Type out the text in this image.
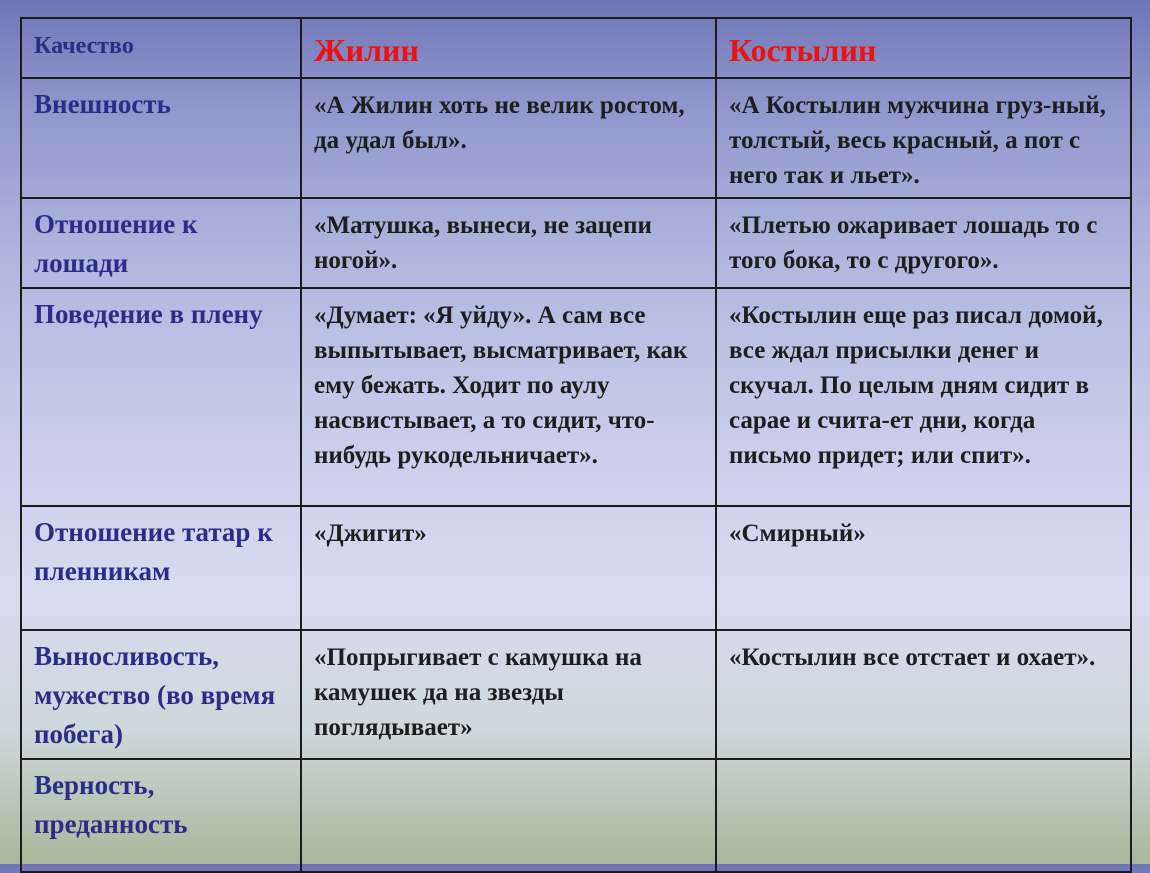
Качество	Жилин	Костылин
Внешность	«А Жилин хоть не велик ростом, да удал был».	«А Костылин мужчина груз-ный, толстый, весь красный, а пот с него так и льет».
Отношение к лошади	«Матушка, вынеси, не зацепи ногой».	«Плетью ожаривает лошадь то с того бока, то с другого».
Поведение в плену	«Думает: «Я уйду». А сам все выпытывает, высматривает, как ему бежать. Ходит по аулу насвистывает, а то сидит, что-нибудь рукодельничает».	«Костылин еще раз писал домой, все ждал присылки денег и скучал. По целым дням сидит в сарае и счита-ет дни, когда письмо придет; или спит».
Отношение татар к пленникам	«Джигит»	«Смирный»
Выносливость, мужество (во время побега)	«Попрыгивает с камушка на камушек да на звезды поглядывает»	«Костылин все отстает и охает».
Верность, преданность		
